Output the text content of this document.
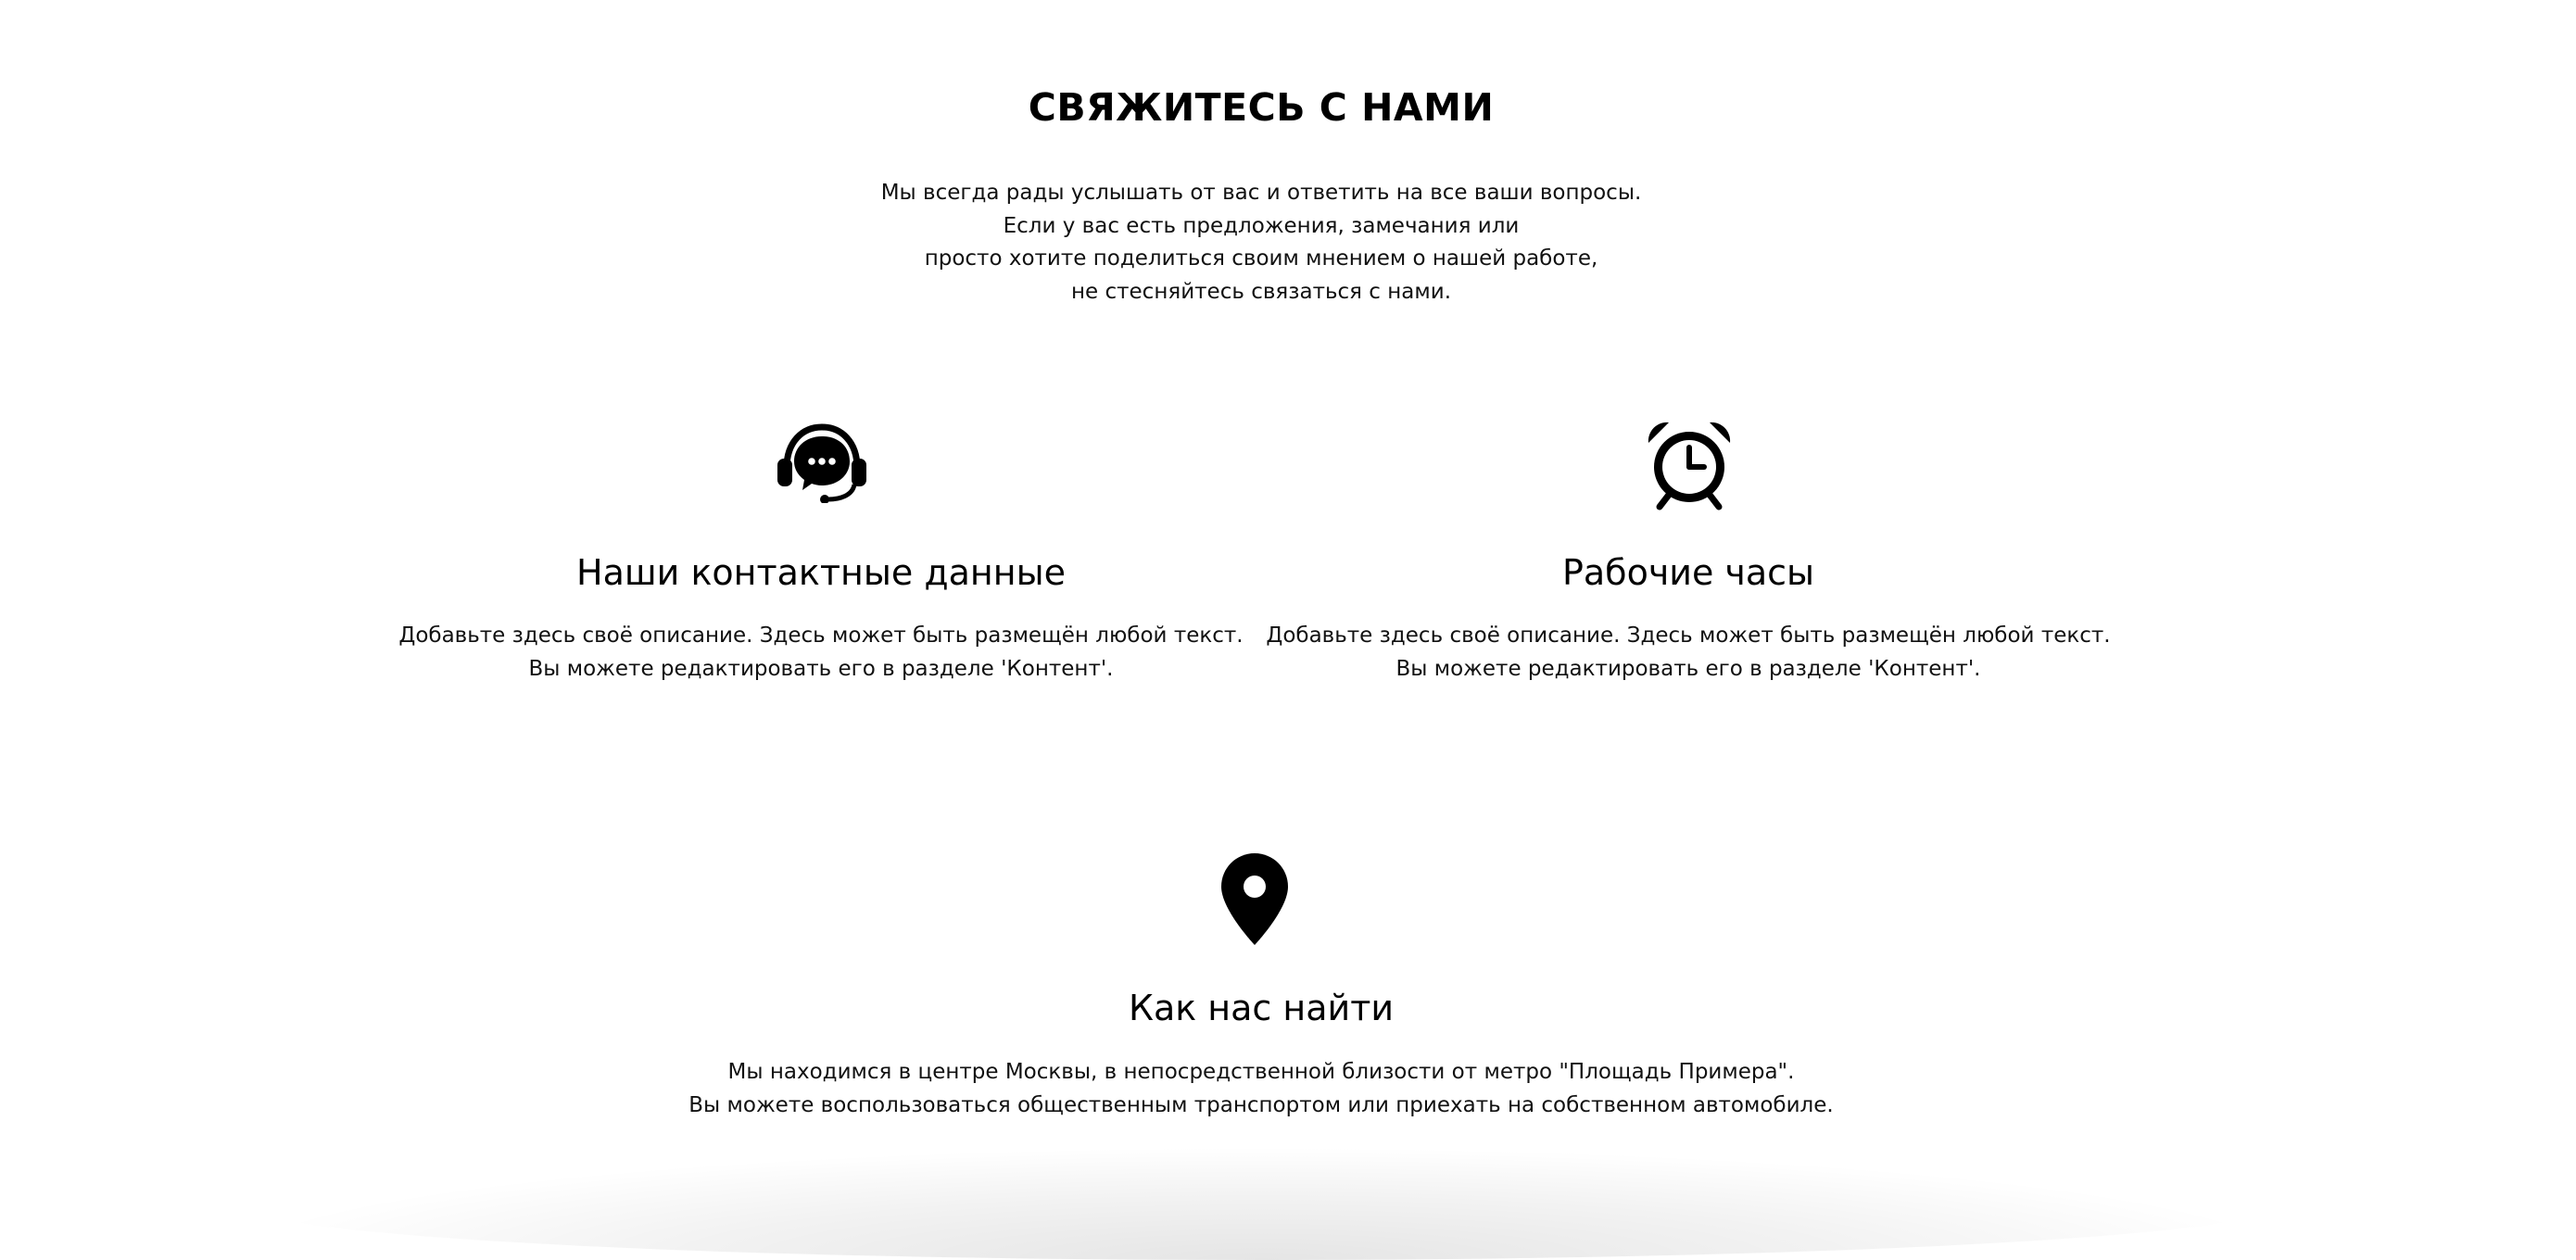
СВЯЖИТЕСЬ С НАМИ
Мы всегда рады услышать от вас и ответить на все ваши вопросы.
Если у вас есть предложения, замечания или
просто хотите поделиться своим мнением о нашей работе,
не стесняйтесь связаться с нами.
Наши контактные данные
Добавьте здесь своё описание. Здесь может быть размещён любой текст.
Вы можете редактировать его в разделе 'Контент'.
Рабочие часы
Добавьте здесь своё описание. Здесь может быть размещён любой текст.
Вы можете редактировать его в разделе 'Контент'.
Как нас найти
Мы находимся в центре Москвы, в непосредственной близости от метро "Площадь Примера".
Вы можете воспользоваться общественным транспортом или приехать на собственном автомобиле.
